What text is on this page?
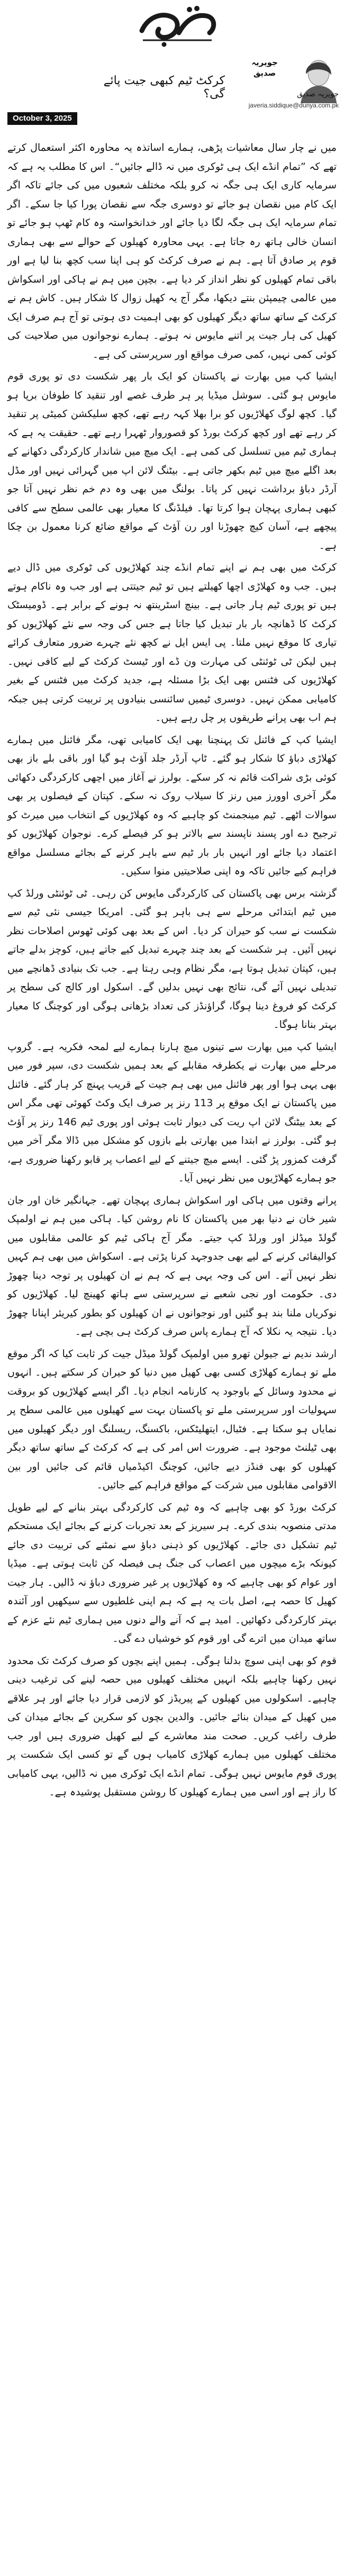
جویریہ
صدیق
کرکٹ ٹیم کبھی جیت پائے گی؟	جویریہ صدیق
javeria.siddique@dunya.com.pk
October 3, 2025

میں نے چار سال معاشیات پڑھی، ہمارے اساتذہ یہ محاورہ اکثر استعمال کرتے تھے کہ ”تمام انڈے ایک ہی ٹوکری میں نہ ڈالے جائیں“۔ اس کا مطلب یہ ہے کہ سرمایہ کاری ایک ہی جگہ نہ کرو بلکہ مختلف شعبوں میں کی جائے تاکہ اگر ایک کام میں نقصان ہو جائے تو دوسری جگہ سے نقصان پورا کیا جا سکے۔ اگر تمام سرمایہ ایک ہی جگہ لگا دیا جائے اور خدانخواستہ وہ کام ٹھپ ہو جائے تو انسان خالی ہاتھ رہ جاتا ہے۔ یہی محاورہ کھیلوں کے حوالے سے بھی ہماری قوم پر صادق آتا ہے۔ ہم نے صرف کرکٹ کو ہی اپنا سب کچھ بنا لیا ہے اور باقی تمام کھیلوں کو نظر انداز کر دیا ہے۔ بچپن میں ہم نے ہاکی اور اسکواش میں عالمی چیمپئن بنتے دیکھا، مگر آج یہ کھیل زوال کا شکار ہیں۔ کاش ہم نے کرکٹ کے ساتھ ساتھ دیگر کھیلوں کو بھی اہمیت دی ہوتی تو آج ہم صرف ایک کھیل کی ہار جیت پر اتنے مایوس نہ ہوتے۔ ہمارے نوجوانوں میں صلاحیت کی کوئی کمی نہیں، کمی صرف مواقع اور سرپرستی کی ہے۔

ایشیا کپ میں بھارت نے پاکستان کو ایک بار پھر شکست دی تو پوری قوم مایوس ہو گئی۔ سوشل میڈیا پر ہر طرف غصے اور تنقید کا طوفان برپا ہو گیا۔ کچھ لوگ کھلاڑیوں کو برا بھلا کہہ رہے تھے، کچھ سلیکشن کمیٹی پر تنقید کر رہے تھے اور کچھ کرکٹ بورڈ کو قصوروار ٹھہرا رہے تھے۔ حقیقت یہ ہے کہ ہماری ٹیم میں تسلسل کی کمی ہے۔ ایک میچ میں شاندار کارکردگی دکھانے کے بعد اگلے میچ میں ٹیم بکھر جاتی ہے۔ بیٹنگ لائن اپ میں گہرائی نہیں اور مڈل آرڈر دباؤ برداشت نہیں کر پاتا۔ بولنگ میں بھی وہ دم خم نظر نہیں آتا جو کبھی ہماری پہچان ہوا کرتا تھا۔ فیلڈنگ کا معیار بھی عالمی سطح سے کافی پیچھے ہے، آسان کیچ چھوڑنا اور رن آؤٹ کے مواقع ضائع کرنا معمول بن چکا ہے۔

کرکٹ میں بھی ہم نے اپنے تمام انڈے چند کھلاڑیوں کی ٹوکری میں ڈال دیے ہیں۔ جب وہ کھلاڑی اچھا کھیلتے ہیں تو ٹیم جیتتی ہے اور جب وہ ناکام ہوتے ہیں تو پوری ٹیم ہار جاتی ہے۔ بینچ اسٹرینتھ نہ ہونے کے برابر ہے۔ ڈومیسٹک کرکٹ کا ڈھانچہ بار بار تبدیل کیا جاتا ہے جس کی وجہ سے نئے کھلاڑیوں کو تیاری کا موقع نہیں ملتا۔ پی ایس ایل نے کچھ نئے چہرے ضرور متعارف کرائے ہیں لیکن ٹی ٹوئنٹی کی مہارت ون ڈے اور ٹیسٹ کرکٹ کے لیے کافی نہیں۔ کھلاڑیوں کی فٹنس بھی ایک بڑا مسئلہ ہے، جدید کرکٹ میں فٹنس کے بغیر کامیابی ممکن نہیں۔ دوسری ٹیمیں سائنسی بنیادوں پر تربیت کرتی ہیں جبکہ ہم اب بھی پرانے طریقوں پر چل رہے ہیں۔

ایشیا کپ کے فائنل تک پہنچنا بھی ایک کامیابی تھی، مگر فائنل میں ہمارے کھلاڑی دباؤ کا شکار ہو گئے۔ ٹاپ آرڈر جلد آؤٹ ہو گیا اور باقی بلے باز بھی کوئی بڑی شراکت قائم نہ کر سکے۔ بولرز نے آغاز میں اچھی کارکردگی دکھائی مگر آخری اوورز میں رنز کا سیلاب روک نہ سکے۔ کپتان کے فیصلوں پر بھی سوالات اٹھے۔ ٹیم مینجمنٹ کو چاہیے کہ وہ کھلاڑیوں کے انتخاب میں میرٹ کو ترجیح دے اور پسند ناپسند سے بالاتر ہو کر فیصلے کرے۔ نوجوان کھلاڑیوں کو اعتماد دیا جائے اور انہیں بار بار ٹیم سے باہر کرنے کے بجائے مسلسل مواقع فراہم کیے جائیں تاکہ وہ اپنی صلاحیتیں منوا سکیں۔

گزشتہ برس بھی پاکستان کی کارکردگی مایوس کن رہی۔ ٹی ٹوئنٹی ورلڈ کپ میں ٹیم ابتدائی مرحلے سے ہی باہر ہو گئی۔ امریکا جیسی نئی ٹیم سے شکست نے سب کو حیران کر دیا۔ اس کے بعد بھی کوئی ٹھوس اصلاحات نظر نہیں آئیں۔ ہر شکست کے بعد چند چہرے تبدیل کیے جاتے ہیں، کوچز بدلے جاتے ہیں، کپتان تبدیل ہوتا ہے، مگر نظام وہی رہتا ہے۔ جب تک بنیادی ڈھانچے میں تبدیلی نہیں آئے گی، نتائج بھی نہیں بدلیں گے۔ اسکول اور کالج کی سطح پر کرکٹ کو فروغ دینا ہوگا، گراؤنڈز کی تعداد بڑھانی ہوگی اور کوچنگ کا معیار بہتر بنانا ہوگا۔

ایشیا کپ میں بھارت سے تینوں میچ ہارنا ہمارے لیے لمحہ فکریہ ہے۔ گروپ مرحلے میں بھارت نے یکطرفہ مقابلے کے بعد ہمیں شکست دی، سپر فور میں بھی یہی ہوا اور پھر فائنل میں بھی ہم جیت کے قریب پہنچ کر ہار گئے۔ فائنل میں پاکستان نے ایک موقع پر 113 رنز پر صرف ایک وکٹ کھوئی تھی مگر اس کے بعد بیٹنگ لائن اپ ریت کی دیوار ثابت ہوئی اور پوری ٹیم 146 رنز پر آؤٹ ہو گئی۔ بولرز نے ابتدا میں بھارتی بلے بازوں کو مشکل میں ڈالا مگر آخر میں گرفت کمزور پڑ گئی۔ ایسے میچ جیتنے کے لیے اعصاب پر قابو رکھنا ضروری ہے، جو ہمارے کھلاڑیوں میں نظر نہیں آیا۔

پرانے وقتوں میں ہاکی اور اسکواش ہماری پہچان تھے۔ جہانگیر خان اور جان شیر خان نے دنیا بھر میں پاکستان کا نام روشن کیا۔ ہاکی میں ہم نے اولمپک گولڈ میڈلز اور ورلڈ کپ جیتے۔ مگر آج ہاکی ٹیم کو عالمی مقابلوں میں کوالیفائی کرنے کے لیے بھی جدوجہد کرنا پڑتی ہے۔ اسکواش میں بھی ہم کہیں نظر نہیں آتے۔ اس کی وجہ یہی ہے کہ ہم نے ان کھیلوں پر توجہ دینا چھوڑ دی۔ حکومت اور نجی شعبے نے سرپرستی سے ہاتھ کھینچ لیا۔ کھلاڑیوں کو نوکریاں ملنا بند ہو گئیں اور نوجوانوں نے ان کھیلوں کو بطور کیریئر اپنانا چھوڑ دیا۔ نتیجہ یہ نکلا کہ آج ہمارے پاس صرف کرکٹ ہی بچی ہے۔

ارشد ندیم نے جیولن تھرو میں اولمپک گولڈ میڈل جیت کر ثابت کیا کہ اگر موقع ملے تو ہمارے کھلاڑی کسی بھی کھیل میں دنیا کو حیران کر سکتے ہیں۔ انہوں نے محدود وسائل کے باوجود یہ کارنامہ انجام دیا۔ اگر ایسے کھلاڑیوں کو بروقت سہولیات اور سرپرستی ملے تو پاکستان بہت سے کھیلوں میں عالمی سطح پر نمایاں ہو سکتا ہے۔ فٹبال، ایتھلیٹکس، باکسنگ، ریسلنگ اور دیگر کھیلوں میں بھی ٹیلنٹ موجود ہے۔ ضرورت اس امر کی ہے کہ کرکٹ کے ساتھ ساتھ دیگر کھیلوں کو بھی فنڈز دیے جائیں، کوچنگ اکیڈمیاں قائم کی جائیں اور بین الاقوامی مقابلوں میں شرکت کے مواقع فراہم کیے جائیں۔

کرکٹ بورڈ کو بھی چاہیے کہ وہ ٹیم کی کارکردگی بہتر بنانے کے لیے طویل مدتی منصوبہ بندی کرے۔ ہر سیریز کے بعد تجربات کرنے کے بجائے ایک مستحکم ٹیم تشکیل دی جائے۔ کھلاڑیوں کو ذہنی دباؤ سے نمٹنے کی تربیت دی جائے کیونکہ بڑے میچوں میں اعصاب کی جنگ ہی فیصلہ کن ثابت ہوتی ہے۔ میڈیا اور عوام کو بھی چاہیے کہ وہ کھلاڑیوں پر غیر ضروری دباؤ نہ ڈالیں۔ ہار جیت کھیل کا حصہ ہے، اصل بات یہ ہے کہ ہم اپنی غلطیوں سے سیکھیں اور آئندہ بہتر کارکردگی دکھائیں۔ امید ہے کہ آنے والے دنوں میں ہماری ٹیم نئے عزم کے ساتھ میدان میں اترے گی اور قوم کو خوشیاں دے گی۔

قوم کو بھی اپنی سوچ بدلنا ہوگی۔ ہمیں اپنے بچوں کو صرف کرکٹ تک محدود نہیں رکھنا چاہیے بلکہ انہیں مختلف کھیلوں میں حصہ لینے کی ترغیب دینی چاہیے۔ اسکولوں میں کھیلوں کے پیریڈز کو لازمی قرار دیا جائے اور ہر علاقے میں کھیل کے میدان بنائے جائیں۔ والدین بچوں کو سکرین کے بجائے میدان کی طرف راغب کریں۔ صحت مند معاشرے کے لیے کھیل ضروری ہیں اور جب مختلف کھیلوں میں ہمارے کھلاڑی کامیاب ہوں گے تو کسی ایک شکست پر پوری قوم مایوس نہیں ہوگی۔ تمام انڈے ایک ٹوکری میں نہ ڈالیں، یہی کامیابی کا راز ہے اور اسی میں ہمارے کھیلوں کا روشن مستقبل پوشیدہ ہے۔
